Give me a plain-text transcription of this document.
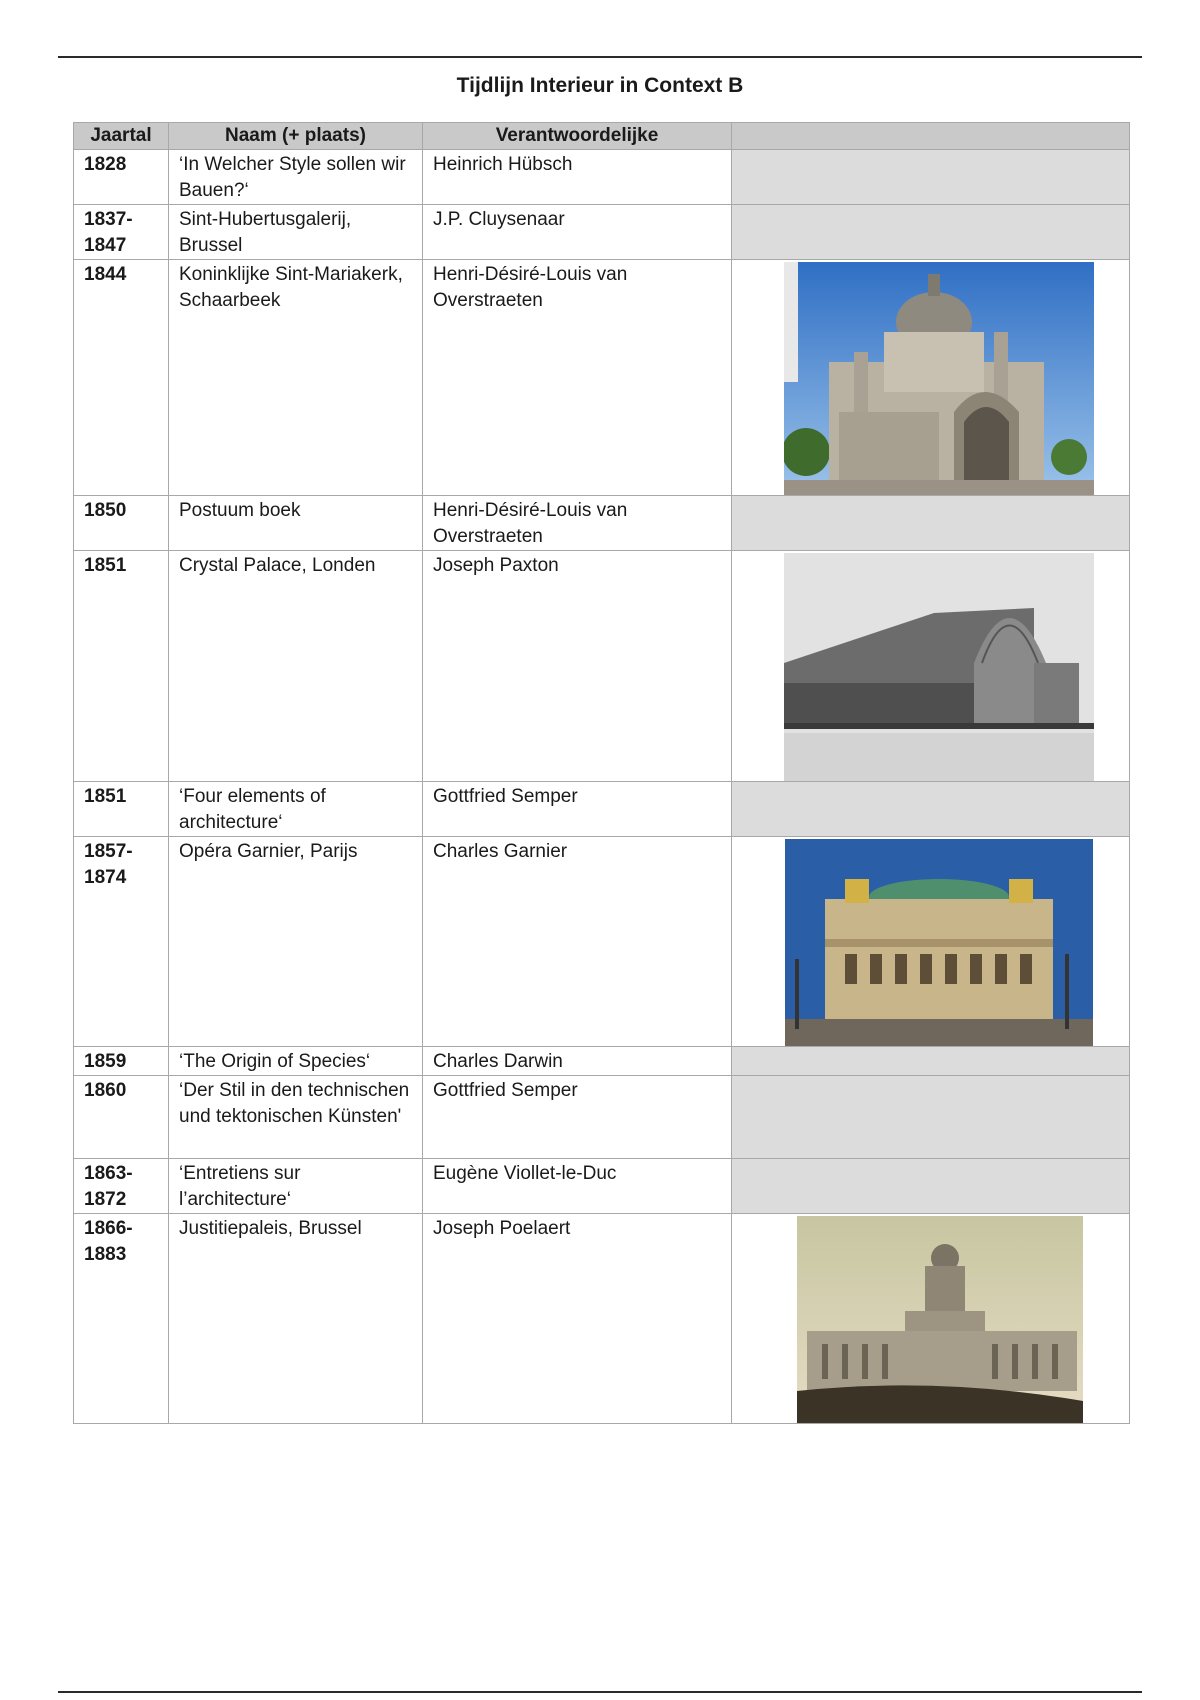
Tijdlijn Interieur in Context B
Jaartal	Naam (+ plaats)	Verantwoordelijke	
1828	‘In Welcher Style sollen wir Bauen?‘	Heinrich Hübsch	
1837-1847	Sint-Hubertusgalerij, Brussel	J.P. Cluysenaar	
1844	Koninklijke Sint-Mariakerk, Schaarbeek	Henri-Désiré-Louis van Overstraeten	

1850	Postuum boek	Henri-Désiré-Louis van Overstraeten	
1851	Crystal Palace, Londen	Joseph Paxton	

1851	‘Four elements of architecture‘	Gottfried Semper	
1857-1874	Opéra Garnier, Parijs	Charles Garnier	

1859	‘The Origin of Species‘	Charles Darwin	
1860	‘Der Stil in den technischen und tektonischen Künsten'	Gottfried Semper	
1863-1872	‘Entretiens sur l’architecture‘	Eugène Viollet-le-Duc	
1866-1883	Justitiepaleis, Brussel	Joseph Poelaert	
